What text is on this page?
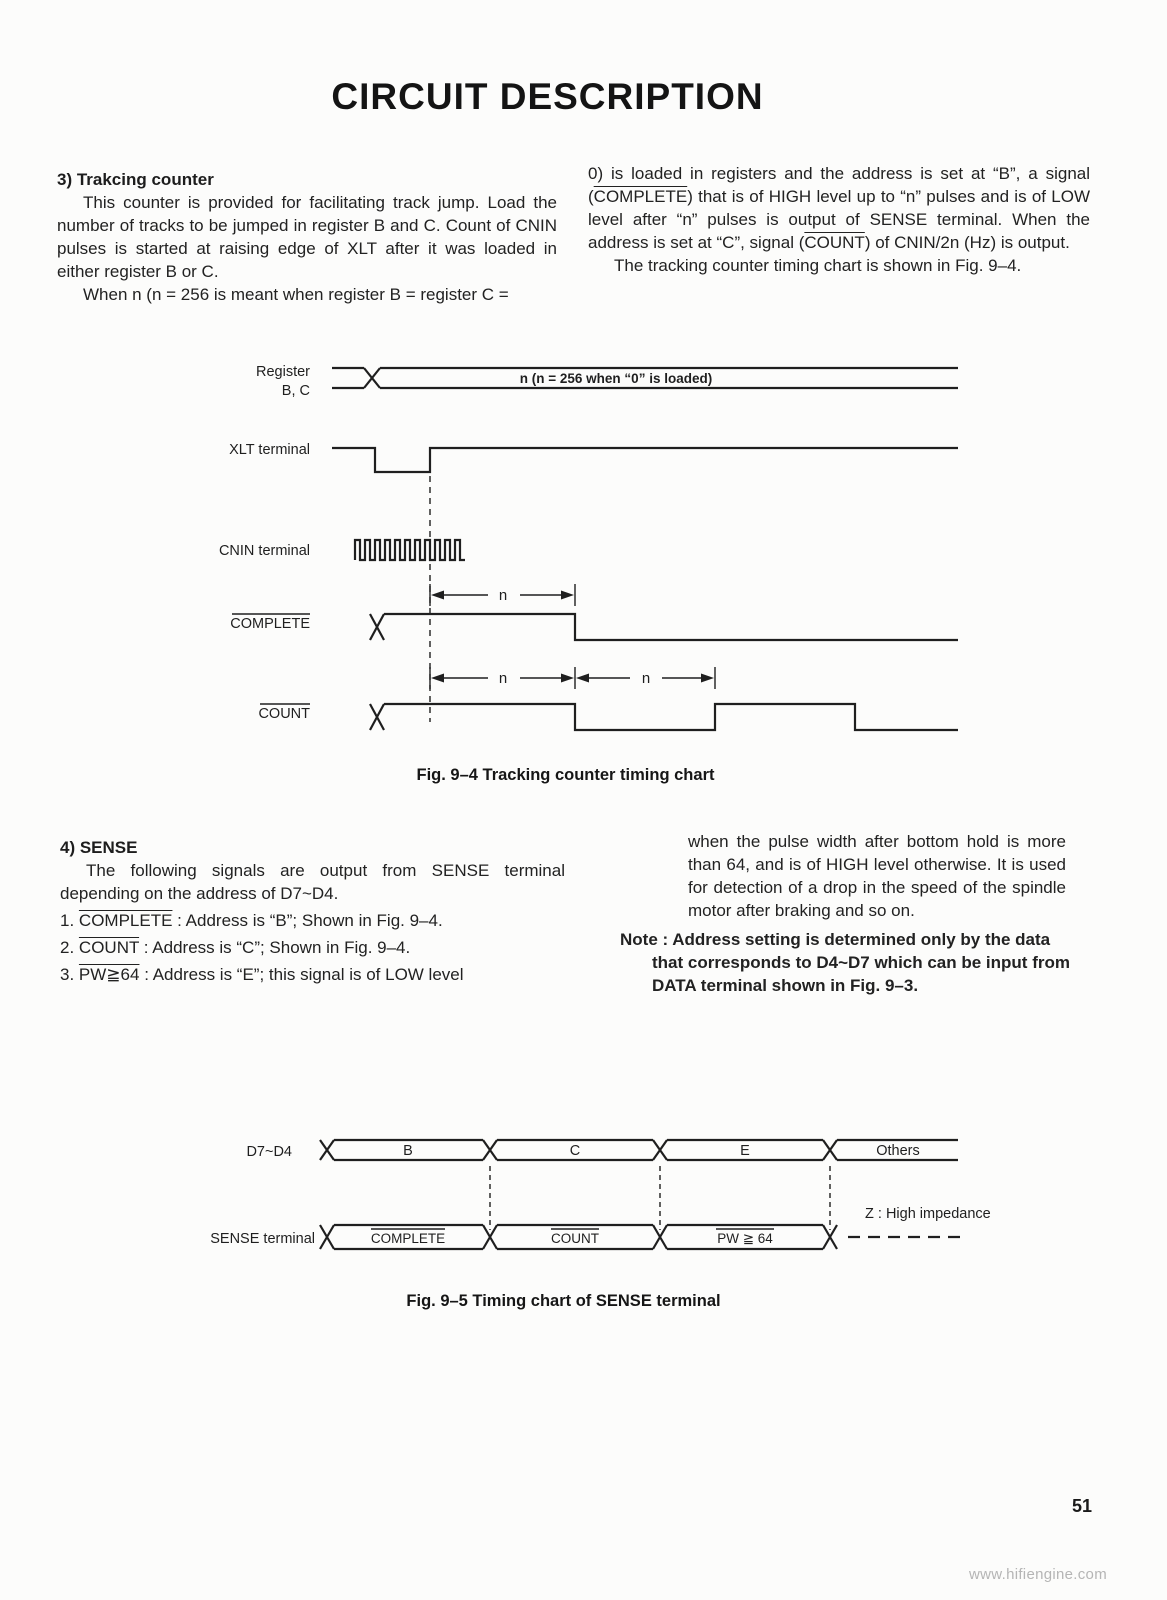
CIRCUIT DESCRIPTION

3) Trakcing counter

This counter is provided for facilitating track jump. Load the number of tracks to be jumped in register B and C. Count of CNIN pulses is started at raising edge of XLT after it was loaded in either register B or C.

When n (n = 256 is meant when register B = register C =

0) is loaded in registers and the address is set at “B”, a signal (COMPLETE) that is of HIGH level up to “n” pulses and is of LOW level after “n” pulses is output of SENSE terminal. When the address is set at “C”, signal (COUNT) of CNIN/2n (Hz) is output.

The tracking counter timing chart is shown in Fig. 9–4.

n (n = 256 when “0” is loaded)
n
n	n
Register
B, C
XLT terminal
CNIN terminal
COMPLETE
COUNT
Fig. 9–4 Tracking counter timing chart

4) SENSE

The following signals are output from SENSE terminal depending on the address of D7~D4.

1. COMPLETE : Address is “B”; Shown in Fig. 9–4.

2. COUNT : Address is “C”; Shown in Fig. 9–4.

3. PW≧64 : Address is “E”; this signal is of LOW level

when the pulse width after bottom hold is more than 64, and is of HIGH level otherwise. It is used for detection of a drop in the speed of the spindle motor after braking and so on.

Note : Address setting is determined only by the data that corresponds to D4~D7 which can be input from DATA terminal shown in Fig. 9–3.

B	C	E	Others
COMPLETE	COUNT	PW ≧ 64
Z : High impedance
D7~D4
SENSE terminal
Fig. 9–5 Timing chart of SENSE terminal
51
www.hifiengine.com
